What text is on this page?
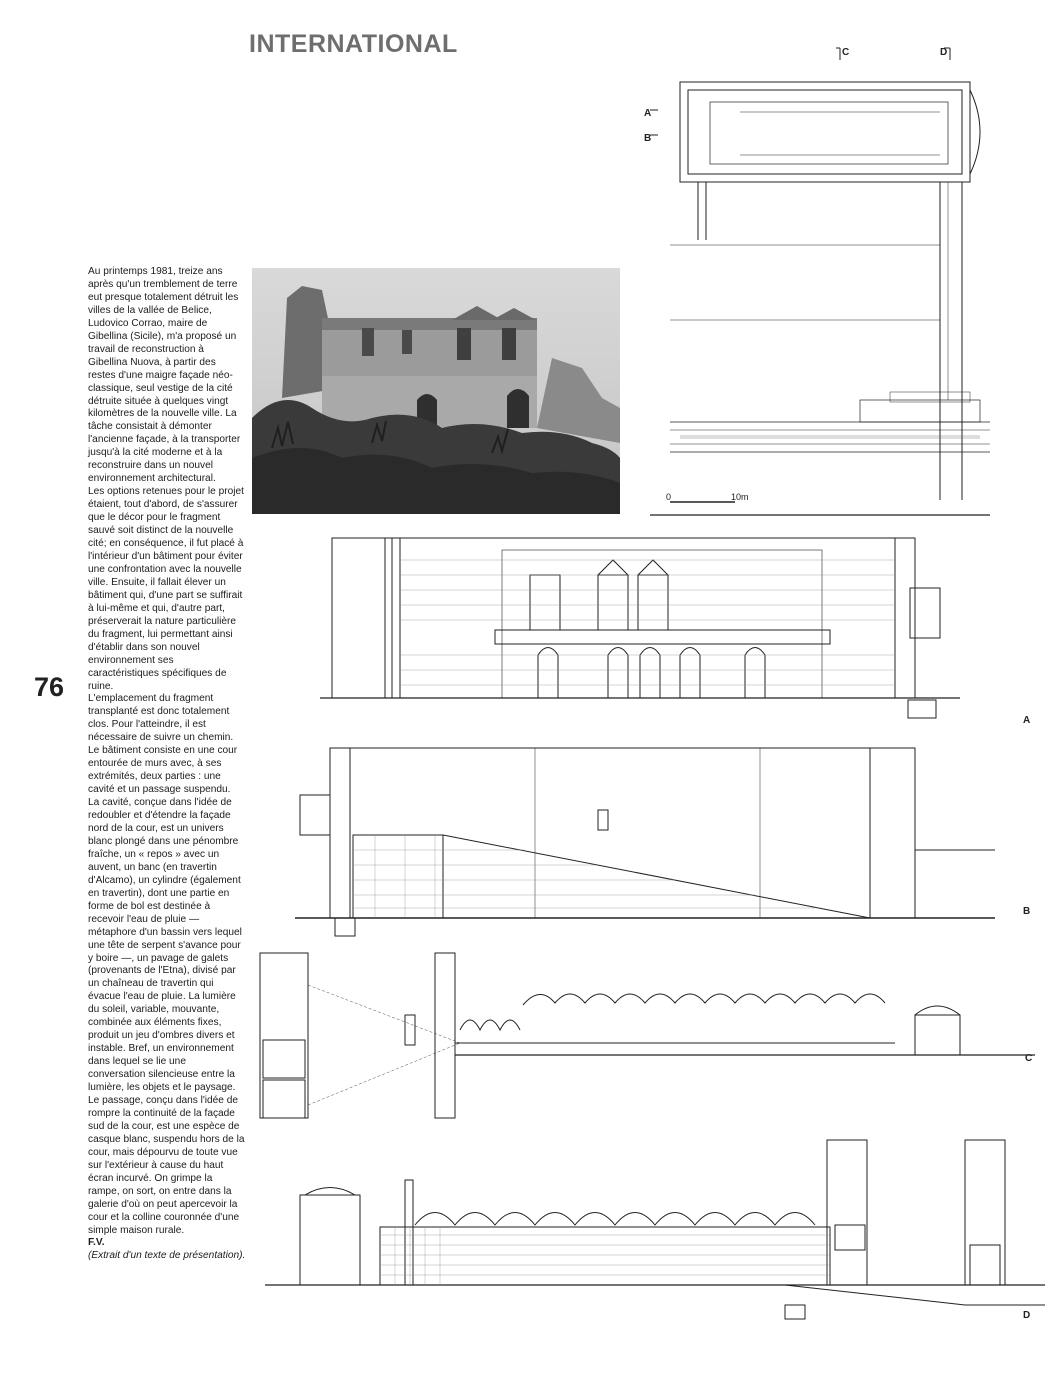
INTERNATIONAL
76

Au printemps 1981, treize ans après qu'un tremblement de terre eut presque totalement détruit les villes de la vallée de Belice, Ludovico Corrao, maire de Gibellina (Sicile), m'a proposé un travail de reconstruction à Gibellina Nuova, à partir des restes d'une maigre façade néo-classique, seul vestige de la cité détruite située à quelques vingt kilomètres de la nouvelle ville. La tâche consistait à démonter l'ancienne façade, à la transporter jusqu'à la cité moderne et à la reconstruire dans un nouvel environnement architectural.

Les options retenues pour le projet étaient, tout d'abord, de s'assurer que le décor pour le fragment sauvé soit distinct de la nouvelle cité; en conséquence, il fut placé à l'intérieur d'un bâtiment pour éviter une confrontation avec la nouvelle ville. Ensuite, il fallait élever un bâtiment qui, d'une part se suffirait à lui-même et qui, d'autre part, préserverait la nature particulière du fragment, lui permettant ainsi d'établir dans son nouvel environnement ses caractéristiques spécifiques de ruine.

L'emplacement du fragment transplanté est donc totalement clos. Pour l'atteindre, il est nécessaire de suivre un chemin.

Le bâtiment consiste en une cour entourée de murs avec, à ses extrémités, deux parties : une cavité et un passage suspendu.

La cavité, conçue dans l'idée de redoubler et d'étendre la façade nord de la cour, est un univers blanc plongé dans une pénombre fraîche, un « repos » avec un auvent, un banc (en travertin d'Alcamo), un cylindre (également en travertin), dont une partie en forme de bol est destinée à recevoir l'eau de pluie — métaphore d'un bassin vers lequel une tête de serpent s'avance pour y boire —, un pavage de galets (provenants de l'Etna), divisé par un chaîneau de travertin qui évacue l'eau de pluie. La lumière du soleil, variable, mouvante, combinée aux éléments fixes, produit un jeu d'ombres divers et instable. Bref, un environnement dans lequel se lie une conversation silencieuse entre la lumière, les objets et le paysage.

Le passage, conçu dans l'idée de rompre la continuité de la façade sud de la cour, est une espèce de casque blanc, suspendu hors de la cour, mais dépourvu de toute vue sur l'extérieur à cause du haut écran incurvé. On grimpe la rampe, on sort, on entre dans la galerie d'où on peut apercevoir la cour et la colline couronnée d'une simple maison rurale.

F.V.
(Extrait d'un texte de présentation).

C	D
A
B
0	10m
A
B
C
D
